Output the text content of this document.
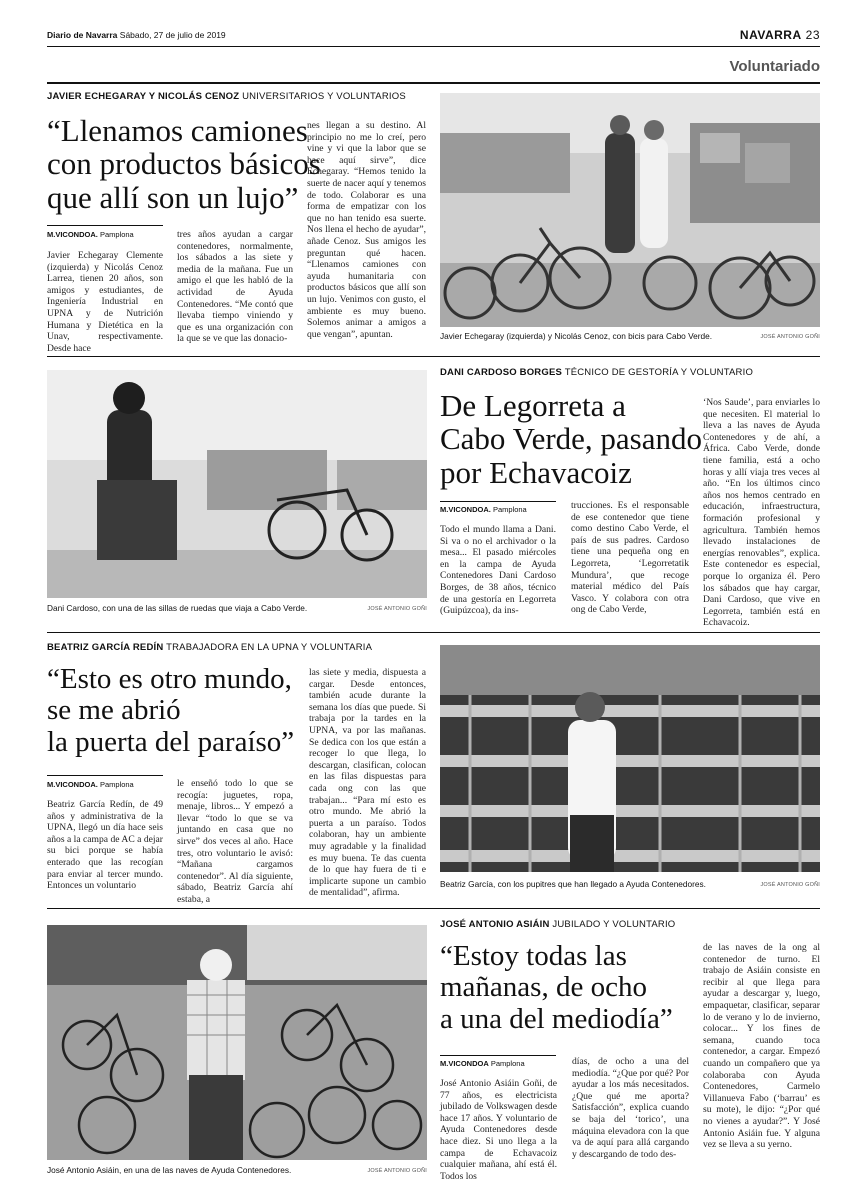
Diario de Navarra Sábado, 27 de julio de 2019	NAVARRA 23
Voluntariado
JAVIER ECHEGARAY Y NICOLÁS CENOZ UNIVERSITARIOS Y VOLUNTARIOS
“Llenamos camiones
con productos básicos
que allí son un lujo”
M.VICONDOA. Pamplona
Javier Echegaray Clemente (izquierda) y Nicolás Cenoz Larrea, tienen 20 años, son amigos y estudiantes, de Ingeniería Industrial en UPNA y de Nutrición Humana y Dietética en la Unav, respectivamente. Desde hace
tres años ayudan a cargar contenedores, normalmente, los sábados a las siete y media de la mañana. Fue un amigo el que les habló de la actividad de Ayuda Contenedores. “Me contó que llevaba tiempo viniendo y que es una organización con la que se ve que las donacio-
nes llegan a su destino. Al principio no me lo creí, pero vine y vi que la labor que se hace aquí sirve”, dice Echegaray. “Hemos tenido la suerte de nacer aquí y tenemos de todo. Colaborar es una forma de empatizar con los que no han tenido esa suerte. Nos llena el hecho de ayudar”, añade Cenoz. Sus amigos les preguntan qué hacen. “Llenamos camiones con ayuda humanitaria con productos básicos que allí son un lujo. Venimos con gusto, el ambiente es muy bueno. Solemos animar a amigos a que vengan”, apuntan.	Javier Echegaray (izquierda) y Nicolás Cenoz, con bicis para Cabo Verde.	JOSÉ ANTONIO GOÑI
Dani Cardoso, con una de las sillas de ruedas que viaja a Cabo Verde.	JOSÉ ANTONIO GOÑI
DANI CARDOSO BORGES TÉCNICO DE GESTORÍA Y VOLUNTARIO
De Legorreta a
Cabo Verde, pasando
por Echavacoiz
M.VICONDOA. Pamplona
Todo el mundo llama a Dani. Si va o no el archivador o la mesa... El pasado miércoles en la campa de Ayuda Contenedores Dani Cardoso Borges, de 38 años, técnico de una gestoría en Legorreta (Guipúzcoa), da ins-
trucciones. Es el responsable de ese contenedor que tiene como destino Cabo Verde, el país de sus padres. Cardoso tiene una pequeña ong en Legorreta, ‘Legorretatik Mundura’, que recoge material médico del País Vasco. Y colabora con otra ong de Cabo Verde,
‘Nos Saude’, para enviarles lo que necesiten. El material lo lleva a las naves de Ayuda Contenedores y de ahí, a África. Cabo Verde, donde tiene familia, está a ocho horas y allí viaja tres veces al año. “En los últimos cinco años nos hemos centrado en educación, infraestructura, formación profesional y agricultura. También hemos llevado instalaciones de energías renovables”, explica. Este contenedor es especial, porque lo organiza él. Pero los sábados que hay cargar, Dani Cardoso, que vive en Legorreta, también está en Echavacoiz.
BEATRIZ GARCÍA REDÍN TRABAJADORA EN LA UPNA Y VOLUNTARIA
“Esto es otro mundo,
se me abrió
la puerta del paraíso”
M.VICONDOA. Pamplona
Beatriz García Redín, de 49 años y administrativa de la UPNA, llegó un día hace seis años a la campa de AC a dejar su bici porque se había enterado que las recogían para enviar al tercer mundo. Entonces un voluntario
le enseñó todo lo que se recogía: juguetes, ropa, menaje, libros... Y empezó a llevar “todo lo que se va juntando en casa que no sirve” dos veces al año. Hace tres, otro voluntario le avisó: “Mañana cargamos contenedor”. Al día siguiente, sábado, Beatriz García ahí estaba, a
las siete y media, dispuesta a cargar. Desde entonces, también acude durante la semana los días que puede. Si trabaja por la tardes en la UPNA, va por las mañanas. Se dedica con los que están a recoger lo que llega, lo descargan, clasifican, colocan en las filas dispuestas para cada ong con las que trabajan... “Para mí esto es otro mundo. Me abrió la puerta a un paraíso. Todos colaboran, hay un ambiente muy agradable y la finalidad es muy buena. Te das cuenta de lo que hay fuera de ti e implicarte supone un cambio de mentalidad”, afirma.
Beatriz García, con los pupitres que han llegado a Ayuda Contenedores.	JOSÉ ANTONIO GOÑI
José Antonio Asiáin, en una de las naves de Ayuda Contenedores.	JOSÉ ANTONIO GOÑI
JOSÉ ANTONIO ASIÁIN JUBILADO Y VOLUNTARIO
“Estoy todas las
mañanas, de ocho
a una del mediodía”
M.VICONDOA Pamplona
José Antonio Asiáin Goñi, de 77 años, es electricista jubilado de Volkswagen desde hace 17 años. Y voluntario de Ayuda Contenedores desde hace diez. Si uno llega a la campa de Echavacoiz cualquier mañana, ahí está él. Todos los
días, de ocho a una del mediodía. “¿Que por qué? Por ayudar a los más necesitados. ¿Que qué me aporta? Satisfacción”, explica cuando se baja del ‘torico’, una máquina elevadora con la que va de aquí para allá cargando y descargando de todo des-
de las naves de la ong al contenedor de turno. El trabajo de Asiáin consiste en recibir al que llega para ayudar a descargar y, luego, empaquetar, clasificar, separar lo de verano y lo de invierno, colocar... Y los fines de semana, cuando toca contenedor, a cargar. Empezó cuando un compañero que ya colaboraba con Ayuda Contenedores, Carmelo Villanueva Fabo (‘barrau’ es su mote), le dijo: “¿Por qué no vienes a ayudar?”. Y José Antonio Asiáin fue. Y alguna vez se lleva a su yerno.
